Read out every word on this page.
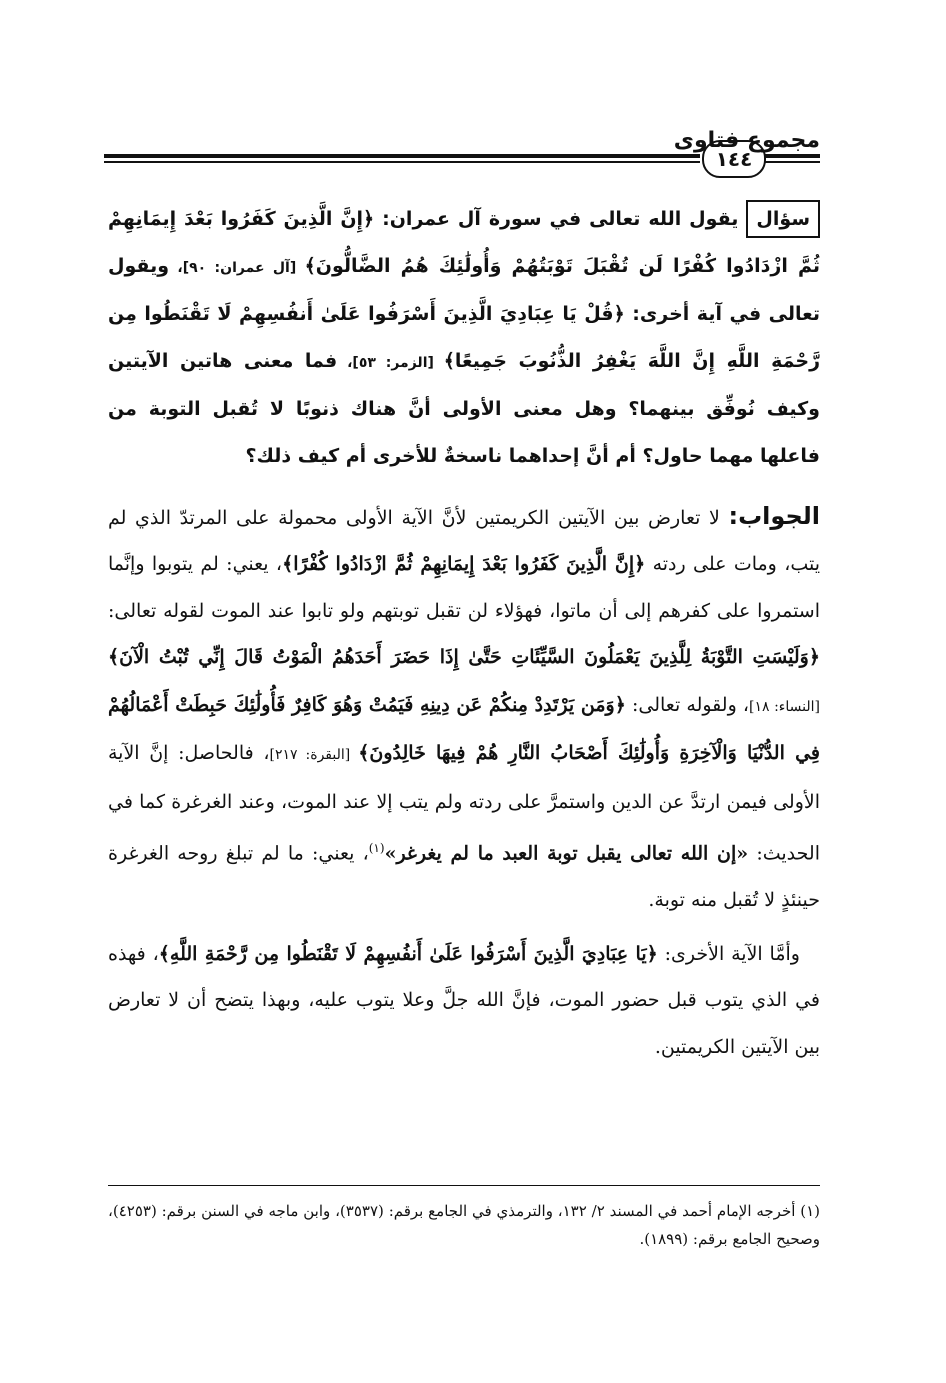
مجموع فتاوى
١٤٤

سؤاليقول الله تعالى في سورة آل عمران: ﴿إِنَّ الَّذِينَ كَفَرُوا بَعْدَ إِيمَانِهِمْ ثُمَّ ازْدَادُوا كُفْرًا لَن تُقْبَلَ تَوْبَتُهُمْ وَأُولَٰئِكَ هُمُ الضَّالُّونَ﴾ [آل عمران: ٩٠]، ويقول تعالى في آية أخرى: ﴿قُلْ يَا عِبَادِيَ الَّذِينَ أَسْرَفُوا عَلَىٰ أَنفُسِهِمْ لَا تَقْنَطُوا مِن رَّحْمَةِ اللَّهِ إِنَّ اللَّهَ يَغْفِرُ الذُّنُوبَ جَمِيعًا﴾ [الزمر: ٥٣]، فما معنى هاتين الآيتين وكيف نُوفِّق بينهما؟ وهل معنى الأولى أنَّ هناك ذنوبًا لا تُقبل التوبة من فاعلها مهما حاول؟ أم أنَّ إحداهما ناسخةٌ للأخرى أم كيف ذلك؟

الجواب: لا تعارض بين الآيتين الكريمتين لأنَّ الآية الأولى محمولة على المرتدّ الذي لم يتب، ومات على ردته ﴿إِنَّ الَّذِينَ كَفَرُوا بَعْدَ إِيمَانِهِمْ ثُمَّ ازْدَادُوا كُفْرًا﴾، يعني: لم يتوبوا وإنَّما استمروا على كفرهم إلى أن ماتوا، فهؤلاء لن تقبل توبتهم ولو تابوا عند الموت لقوله تعالى: ﴿وَلَيْسَتِ التَّوْبَةُ لِلَّذِينَ يَعْمَلُونَ السَّيِّئَاتِ حَتَّىٰ إِذَا حَضَرَ أَحَدَهُمُ الْمَوْتُ قَالَ إِنِّي تُبْتُ الْآنَ﴾ [النساء: ١٨]، ولقوله تعالى: ﴿وَمَن يَرْتَدِدْ مِنكُمْ عَن دِينِهِ فَيَمُتْ وَهُوَ كَافِرٌ فَأُولَٰئِكَ حَبِطَتْ أَعْمَالُهُمْ فِي الدُّنْيَا وَالْآخِرَةِ وَأُولَٰئِكَ أَصْحَابُ النَّارِ هُمْ فِيهَا خَالِدُونَ﴾ [البقرة: ٢١٧]، فالحاصل: إنَّ الآية الأولى فيمن ارتدَّ عن الدين واستمرَّ على ردته ولم يتب إلا عند الموت، وعند الغرغرة كما في الحديث: «إن الله تعالى يقبل توبة العبد ما لم يغرغر»$^{(١)}$، يعني: ما لم تبلغ روحه الغرغرة حينئذٍ لا تُقبل منه توبة.

وأمَّا الآية الأخرى: ﴿يَا عِبَادِيَ الَّذِينَ أَسْرَفُوا عَلَىٰ أَنفُسِهِمْ لَا تَقْنَطُوا مِن رَّحْمَةِ اللَّهِ﴾، فهذه في الذي يتوب قبل حضور الموت، فإنَّ الله جلَّ وعلا يتوب عليه، وبهذا يتضح أن لا تعارض بين الآيتين الكريمتين.

(١) أخرجه الإمام أحمد في المسند ٢/ ١٣٢، والترمذي في الجامع برقم: (٣٥٣٧)، وابن ماجه في السنن برقم: (٤٢٥٣)، وصحيح الجامع برقم: (١٨٩٩).
